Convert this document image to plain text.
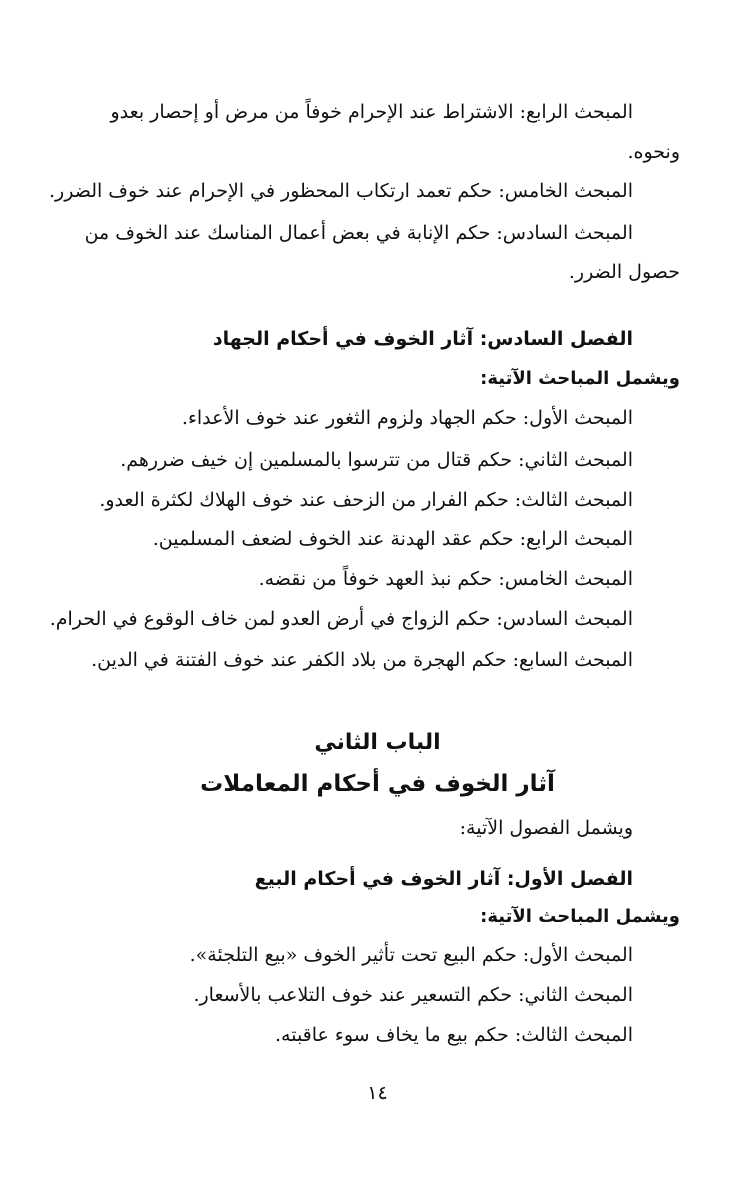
المبحث الرابع: الاشتراط عند الإحرام خوفاً من مرض أو إحصار بعدو
ونحوه.
المبحث الخامس: حكم تعمد ارتكاب المحظور في الإحرام عند خوف الضرر.
المبحث السادس: حكم الإنابة في بعض أعمال المناسك عند الخوف من
حصول الضرر.
الفصل السادس: آثار الخوف في أحكام الجهاد
ويشمل المباحث الآتية:
المبحث الأول: حكم الجهاد ولزوم الثغور عند خوف الأعداء.
المبحث الثاني: حكم قتال من تترسوا بالمسلمين إن خيف ضررهم.
المبحث الثالث: حكم الفرار من الزحف عند خوف الهلاك لكثرة العدو.
المبحث الرابع: حكم عقد الهدنة عند الخوف لضعف المسلمين.
المبحث الخامس: حكم نبذ العهد خوفاً من نقضه.
المبحث السادس: حكم الزواج في أرض العدو لمن خاف الوقوع في الحرام.
المبحث السابع: حكم الهجرة من بلاد الكفر عند خوف الفتنة في الدين.
الباب الثاني
آثار الخوف في أحكام المعاملات
ويشمل الفصول الآتية:
الفصل الأول: آثار الخوف في أحكام البيع
ويشمل المباحث الآتية:
المبحث الأول: حكم البيع تحت تأثير الخوف «بيع التلجئة».
المبحث الثاني: حكم التسعير عند خوف التلاعب بالأسعار.
المبحث الثالث: حكم بيع ما يخاف سوء عاقبته.
١٤
